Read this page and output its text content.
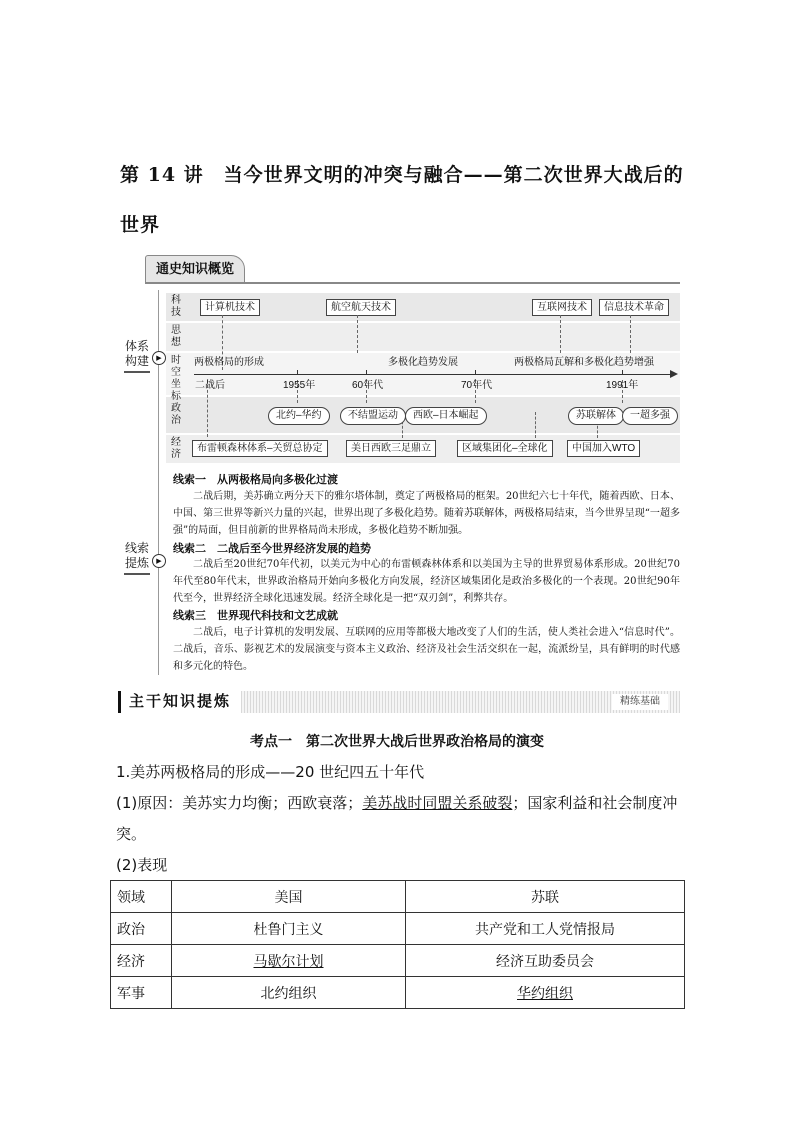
第 14 讲　当今世界文明的冲突与融合——第二次世界大战后的世界
通史知识概览
体系
构建	▶
科技
思想
时空坐标
政治
经济
计算机技术	航空航天技术	互联网技术	信息技术革命
两极格局的形成	多极化趋势发展	两极格局瓦解和多极化趋势增强
二战后	1955年	60年代	70年代	1991年
北约–华约	不结盟运动	西欧–日本崛起	苏联解体	一超多强
布雷顿森林体系–关贸总协定	美日西欧三足鼎立	区域集团化–全球化	中国加入WTO
线索
提炼	▶
线索一　从两极格局向多极化过渡
二战后期，美苏确立两分天下的雅尔塔体制，奠定了两极格局的框架。20世纪六七十年代，随着西欧、日本、中国、第三世界等新兴力量的兴起，世界出现了多极化趋势。随着苏联解体，两极格局结束，当今世界呈现“一超多强”的局面，但目前新的世界格局尚未形成，多极化趋势不断加强。
线索二　二战后至今世界经济发展的趋势
二战后至20世纪70年代初，以美元为中心的布雷顿森林体系和以美国为主导的世界贸易体系形成。20世纪70年代至80年代末，世界政治格局开始向多极化方向发展，经济区域集团化是政治多极化的一个表现。20世纪90年代至今，世界经济全球化迅速发展。经济全球化是一把“双刃剑”，利弊共存。
线索三　世界现代科技和文艺成就
二战后，电子计算机的发明发展、互联网的应用等都极大地改变了人们的生活，使人类社会进入“信息时代”。二战后，音乐、影视艺术的发展演变与资本主义政治、经济及社会生活交织在一起，流派纷呈，具有鲜明的时代感和多元化的特色。
主干知识提炼	精练基础
考点一　第二次世界大战后世界政治格局的演变
1.美苏两极格局的形成——20 世纪四五十年代
(1)原因：美苏实力均衡；西欧衰落；美苏战时同盟关系破裂；国家利益和社会制度冲突。
(2)表现
领域	美国	苏联
政治	杜鲁门主义	共产党和工人党情报局
经济	马歇尔计划	经济互助委员会
军事	北约组织	华约组织
